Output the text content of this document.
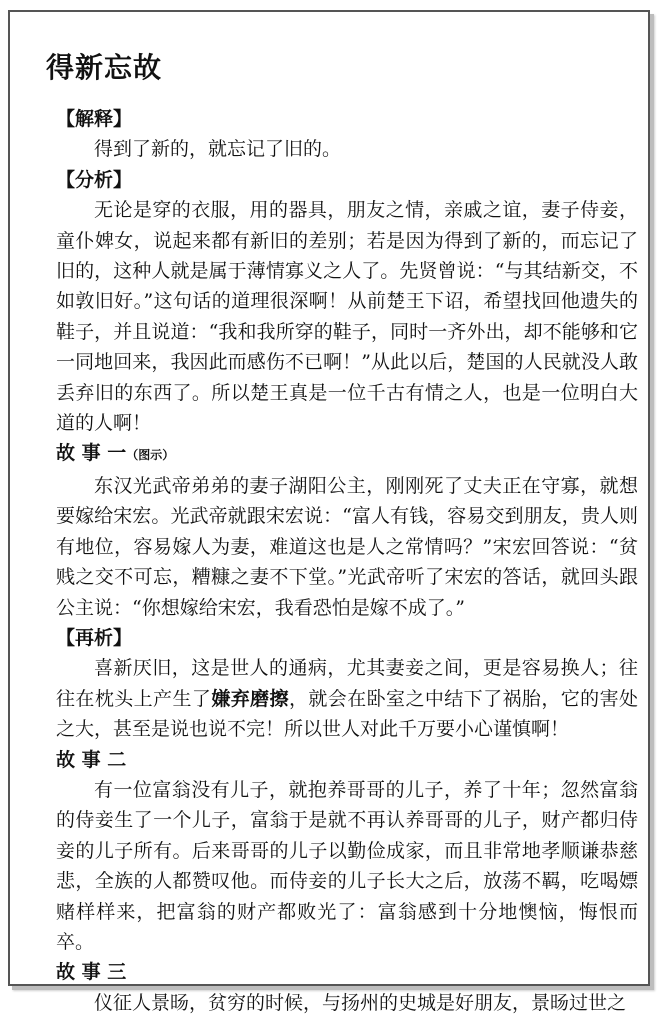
得新忘故
【解释】

得到了新的，就忘记了旧的。

【分析】

无论是穿的衣服，用的器具，朋友之情，亲戚之谊，妻子侍妾，童仆婢女，说起来都有新旧的差别；若是因为得到了新的，而忘记了旧的，这种人就是属于薄情寡义之人了。先贤曾说：“与其结新交，不如敦旧好。”这句话的道理很深啊！从前楚王下诏，希望找回他遗失的鞋子，并且说道：“我和我所穿的鞋子，同时一齐外出，却不能够和它一同地回来，我因此而感伤不已啊！”从此以后，楚国的人民就没人敢丢弃旧的东西了。所以楚王真是一位千古有情之人，也是一位明白大道的人啊！

故 事 一（图示）

东汉光武帝弟弟的妻子湖阳公主，刚刚死了丈夫正在守寡，就想要嫁给宋宏。光武帝就跟宋宏说：“富人有钱，容易交到朋友，贵人则有地位，容易嫁人为妻，难道这也是人之常情吗？”宋宏回答说：“贫贱之交不可忘，糟糠之妻不下堂。”光武帝听了宋宏的答话，就回头跟公主说：“你想嫁给宋宏，我看恐怕是嫁不成了。”

【再析】

喜新厌旧，这是世人的通病，尤其妻妾之间，更是容易换人；往往在枕头上产生了嫌弃磨擦，就会在卧室之中结下了祸胎，它的害处之大，甚至是说也说不完！所以世人对此千万要小心谨慎啊！

故 事 二

有一位富翁没有儿子，就抱养哥哥的儿子，养了十年；忽然富翁的侍妾生了一个儿子，富翁于是就不再认养哥哥的儿子，财产都归侍妾的儿子所有。后来哥哥的儿子以勤俭成家，而且非常地孝顺谦恭慈悲，全族的人都赞叹他。而侍妾的儿子长大之后，放荡不羁，吃喝嫖赌样样来，把富翁的财产都败光了：富翁感到十分地懊恼，悔恨而卒。

故 事 三

仪征人景旸，贫穷的时候，与扬州的史城是好朋友，景旸过世之
